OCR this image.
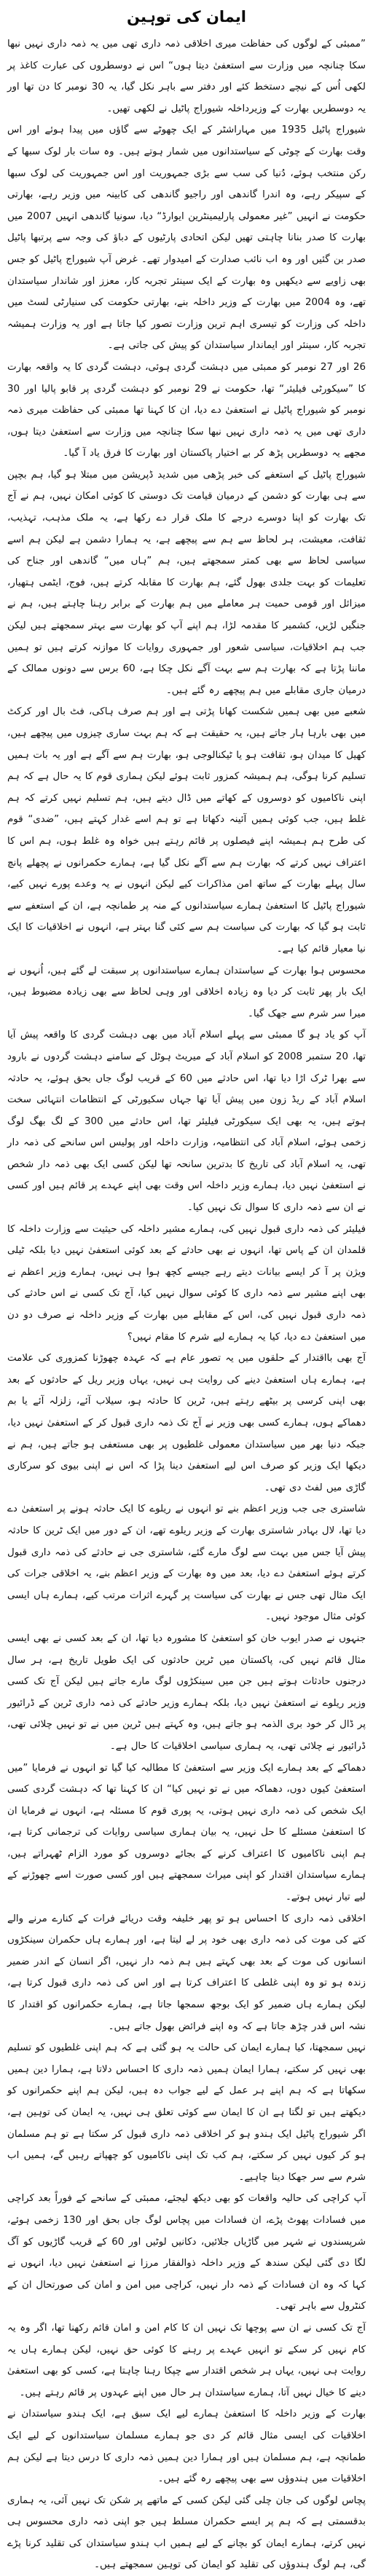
ایمان کی توہین

”ممبئی کے لوگوں کی حفاظت میری اخلاقی ذمہ داری تھی میں یہ ذمہ داری نہیں نبھا سکا چنانچہ میں وزارت سے استعفیٰ دیتا ہوں“ اس نے دوسطروں کی عبارت کاغذ پر لکھی اُس کے نیچے دستخط کئے اور دفتر سے باہر نکل گیا، یہ 30 نومبر کا دن تھا اور یہ دوسطریں بھارت کے وزیرداخلہ شیوراج پاٹیل نے لکھی تھیں۔

شیوراج پاٹیل 1935 میں مہاراشٹر کے ایک چھوٹے سے گاؤں میں پیدا ہوئے اور اس وقت بھارت کے چوٹی کے سیاستدانوں میں شمار ہوتے ہیں۔ وہ سات بار لوک سبھا کے رکن منتخب ہوئے، دُنیا کی سب سے بڑی جمہوریت اور اس جمہوریت کی لوک سبھا کے سپیکر رہے، وہ اندرا گاندھی اور راجیو گاندھی کی کابینہ میں وزیر رہے، بھارتی حکومت نے انہیں ”غیر معمولی پارلیمینٹرین ایوارڈ“ دیا، سونیا گاندھی انہیں 2007 میں بھارت کا صدر بنانا چاہتی تھیں لیکن اتحادی پارٹیوں کے دباؤ کی وجہ سے پرتبھا پاٹیل صدر بن گئیں اور وہ اب نائب صدارت کے امیدوار تھے۔ غرض آپ شیوراج پاٹیل کو جس بھی زاویے سے دیکھیں وہ بھارت کے ایک سینئر تجربہ کار، معزز اور شاندار سیاستدان تھے، وہ 2004 میں بھارت کے وزیر داخلہ بنے، بھارتی حکومت کی سنیارٹی لسٹ میں داخلہ کی وزارت کو تیسری اہم ترین وزارت تصور کیا جاتا ہے اور یہ وزارت ہمیشہ تجربہ کار، سینئر اور ایماندار سیاستدان کو پیش کی جاتی ہے۔

26 اور 27 نومبر کو ممبئی میں دہشت گردی ہوئی، دہشت گردی کا یہ واقعہ بھارت کا ”سیکورٹی فیلیئر“ تھا، حکومت نے 29 نومبر کو دہشت گردی پر قابو پالیا اور 30 نومبر کو شیوراج پاٹیل نے استعفیٰ دے دیا، ان کا کہنا تھا ممبئی کی حفاظت میری ذمہ داری تھی میں یہ ذمہ داری نہیں نبھا سکا چنانچہ میں وزارت سے استعفیٰ دیتا ہوں، مجھے یہ دوسطریں پڑھ کر بے اختیار پاکستان اور بھارت کا فرق یاد آ گیا۔

شیوراج پاٹیل کے استعفے کی خبر پڑھی میں شدید ڈپریشن میں مبتلا ہو گیا، ہم بچپن سے ہی بھارت کو دشمن کے درمیان قیامت تک دوستی کا کوئی امکان نہیں، ہم نے آج تک بھارت کو اپنا دوسرے درجے کا ملک قرار دے رکھا ہے، یہ ملک مذہب، تہذیب، ثقافت، معیشت، ہر لحاظ سے ہم سے پیچھے ہے، یہ ہمارا دشمن ہے لیکن ہم اسے سیاسی لحاظ سے بھی کمتر سمجھتے ہیں، ہم ”ہاں میں“ گاندھی اور جناح کی تعلیمات کو بہت جلدی بھول گئے، ہم بھارت کا مقابلہ کرتے ہیں، فوج، ایٹمی ہتھیار، میزائل اور قومی حمیت ہر معاملے میں ہم بھارت کے برابر رہنا چاہتے ہیں، ہم نے جنگیں لڑیں، کشمیر کا مقدمہ لڑا، ہم اپنے آپ کو بھارت سے بہتر سمجھتے ہیں لیکن جب ہم اخلاقیات، سیاسی شعور اور جمہوری روایات کا موازنہ کرتے ہیں تو ہمیں ماننا پڑتا ہے کہ بھارت ہم سے بہت آگے نکل چکا ہے، 60 برس سے دونوں ممالک کے درمیان جاری مقابلے میں ہم پیچھے رہ گئے ہیں۔

شعبے میں بھی ہمیں شکست کھانا پڑتی ہے اور ہم صرف ہاکی، فٹ بال اور کرکٹ میں بھی بارہا ہار جاتے ہیں، یہ حقیقت ہے کہ ہم بہت ساری چیزوں میں پیچھے ہیں، کھیل کا میدان ہو، ثقافت ہو یا ٹیکنالوجی ہو، بھارت ہم سے آگے ہے اور یہ بات ہمیں تسلیم کرنا ہوگی، ہم ہمیشہ کمزور ثابت ہوئے لیکن ہماری قوم کا یہ حال ہے کہ ہم اپنی ناکامیوں کو دوسروں کے کھاتے میں ڈال دیتے ہیں، ہم تسلیم نہیں کرتے کہ ہم غلط ہیں، جب کوئی ہمیں آئینہ دکھاتا ہے تو ہم اسے غدار کہتے ہیں، ”ضدی“ قوم کی طرح ہم ہمیشہ اپنے فیصلوں پر قائم رہتے ہیں خواہ وہ غلط ہوں، ہم اس کا اعتراف نہیں کرتے کہ بھارت ہم سے آگے نکل گیا ہے، ہمارے حکمرانوں نے پچھلے پانچ سال پہلے بھارت کے ساتھ امن مذاکرات کیے لیکن انہوں نے یہ وعدے پورے نہیں کیے، شیوراج پاٹیل کا استعفیٰ ہمارے سیاستدانوں کے منہ پر طمانچہ ہے، ان کے استعفے سے ثابت ہو گیا کہ بھارت کی سیاست ہم سے کئی گنا بہتر ہے، انہوں نے اخلاقیات کا ایک نیا معیار قائم کیا ہے۔

محسوس ہوا بھارت کے سیاستدان ہمارے سیاستدانوں پر سبقت لے گئے ہیں، اُنہوں نے ایک بار پھر ثابت کر دیا وہ زیادہ اخلاقی اور وہی لحاظ سے بھی زیادہ مضبوط ہیں، میرا سر شرم سے جھک گیا۔

آپ کو یاد ہو گا ممبئی سے پہلے اسلام آباد میں بھی دہشت گردی کا واقعہ پیش آیا تھا، 20 ستمبر 2008 کو اسلام آباد کے میریٹ ہوٹل کے سامنے دہشت گردوں نے بارود سے بھرا ٹرک اڑا دیا تھا، اس حادثے میں 60 کے قریب لوگ جاں بحق ہوئے، یہ حادثہ اسلام آباد کے ریڈ زون میں پیش آیا تھا جہاں سکیورٹی کے انتظامات انتہائی سخت ہوتے ہیں، یہ بھی ایک سیکورٹی فیلیئر تھا، اس حادثے میں 300 کے لگ بھگ لوگ زخمی ہوئے، اسلام آباد کی انتظامیہ، وزارت داخلہ اور پولیس اس سانحے کی ذمہ دار تھی، یہ اسلام آباد کی تاریخ کا بدترین سانحہ تھا لیکن کسی ایک بھی ذمہ دار شخص نے استعفیٰ نہیں دیا، ہمارے وزیر داخلہ اس وقت بھی اپنے عہدے پر قائم ہیں اور کسی نے ان سے ذمہ داری کا سوال تک نہیں کیا۔

فیلیئر کی ذمہ داری قبول نہیں کی، ہمارے مشیر داخلہ کی حیثیت سے وزارت داخلہ کا قلمدان ان کے پاس تھا، انہوں نے بھی حادثے کے بعد کوئی استعفیٰ نہیں دیا بلکہ ٹیلی ویژن پر آ کر ایسے بیانات دیتے رہے جیسے کچھ ہوا ہی نہیں، ہمارے وزیر اعظم نے بھی اپنے مشیر سے ذمہ داری کا کوئی سوال نہیں کیا، آج تک کسی نے اس حادثے کی ذمہ داری قبول نہیں کی، اس کے مقابلے میں بھارت کے وزیر داخلہ نے صرف دو دن میں استعفیٰ دے دیا، کیا یہ ہمارے لیے شرم کا مقام نہیں؟

آج بھی بااقتدار کے حلقوں میں یہ تصور عام ہے کہ عہدہ چھوڑنا کمزوری کی علامت ہے، ہمارے ہاں استعفیٰ دینے کی روایت ہی نہیں، یہاں وزیر ریل کے حادثوں کے بعد بھی اپنی کرسی پر بیٹھے رہتے ہیں، ٹرین کا حادثہ ہو، سیلاب آئے، زلزلہ آئے یا بم دھماکے ہوں، ہمارے کسی بھی وزیر نے آج تک ذمہ داری قبول کر کے استعفیٰ نہیں دیا، جبکہ دنیا بھر میں سیاستدان معمولی غلطیوں پر بھی مستعفی ہو جاتے ہیں، ہم نے دیکھا ایک وزیر کو صرف اس لیے استعفیٰ دینا پڑا کہ اس نے اپنی بیوی کو سرکاری گاڑی میں لفٹ دی تھی۔

شاستری جی جب وزیر اعظم بنے تو انہوں نے ریلوے کا ایک حادثہ ہونے پر استعفیٰ دے دیا تھا، لال بہادر شاستری بھارت کے وزیر ریلوے تھے، ان کے دور میں ایک ٹرین کا حادثہ پیش آیا جس میں بہت سے لوگ مارے گئے، شاستری جی نے حادثے کی ذمہ داری قبول کرتے ہوئے استعفیٰ دے دیا، بعد میں وہ بھارت کے وزیر اعظم بنے، یہ اخلاقی جرات کی ایک مثال تھی جس نے بھارت کی سیاست پر گہرے اثرات مرتب کیے، ہمارے ہاں ایسی کوئی مثال موجود نہیں۔

جنہوں نے صدر ایوب خان کو استعفیٰ کا مشورہ دیا تھا، ان کے بعد کسی نے بھی ایسی مثال قائم نہیں کی، پاکستان میں ٹرین حادثوں کی ایک طویل تاریخ ہے، ہر سال درجنوں حادثات ہوتے ہیں جن میں سینکڑوں لوگ مارے جاتے ہیں لیکن آج تک کسی وزیر ریلوے نے استعفیٰ نہیں دیا، بلکہ ہمارے وزیر حادثے کی ذمہ داری ٹرین کے ڈرائیور پر ڈال کر خود بری الذمہ ہو جاتے ہیں، وہ کہتے ہیں ٹرین میں نے تو نہیں چلائی تھی، ڈرائیور نے چلائی تھی، یہ ہماری سیاسی اخلاقیات کا حال ہے۔

دھماکے کے بعد ہمارے ایک وزیر سے استعفیٰ کا مطالبہ کیا گیا تو انہوں نے فرمایا ”میں استعفیٰ کیوں دوں، دھماکہ میں نے تو نہیں کیا“ ان کا کہنا تھا کہ دہشت گردی کسی ایک شخص کی ذمہ داری نہیں ہوتی، یہ پوری قوم کا مسئلہ ہے، انہوں نے فرمایا ان کا استعفیٰ مسئلے کا حل نہیں، یہ بیان ہماری سیاسی روایات کی ترجمانی کرتا ہے، ہم اپنی ناکامیوں کا اعتراف کرنے کے بجائے دوسروں کو مورد الزام ٹھہراتے ہیں، ہمارے سیاستدان اقتدار کو اپنی میراث سمجھتے ہیں اور کسی صورت اسے چھوڑنے کے لیے تیار نہیں ہوتے۔

اخلاقی ذمہ داری کا احساس ہو تو پھر خلیفہ وقت دریائے فرات کے کنارے مرنے والے کتے کی موت کی ذمہ داری بھی خود پر لے لیتا ہے، اور ہمارے ہاں حکمران سینکڑوں انسانوں کی موت کے بعد بھی کہتے ہیں ہم ذمہ دار نہیں، اگر انسان کے اندر ضمیر زندہ ہو تو وہ اپنی غلطی کا اعتراف کرتا ہے اور اس کی ذمہ داری قبول کرتا ہے، لیکن ہمارے ہاں ضمیر کو ایک بوجھ سمجھا جاتا ہے، ہمارے حکمرانوں کو اقتدار کا نشہ اس قدر چڑھ جاتا ہے کہ وہ اپنے فرائض بھول جاتے ہیں۔

نہیں سمجھتا، کیا ہمارے ایمان کی حالت یہ ہو گئی ہے کہ ہم اپنی غلطیوں کو تسلیم بھی نہیں کر سکتے، ہمارا ایمان ہمیں ذمہ داری کا احساس دلاتا ہے، ہمارا دین ہمیں سکھاتا ہے کہ ہم اپنے ہر عمل کے لیے جواب دہ ہیں، لیکن ہم اپنے حکمرانوں کو دیکھتے ہیں تو لگتا ہے ان کا ایمان سے کوئی تعلق ہی نہیں، یہ ایمان کی توہین ہے، اگر شیوراج پاٹیل ایک ہندو ہو کر اخلاقی ذمہ داری قبول کر سکتا ہے تو ہم مسلمان ہو کر کیوں نہیں کر سکتے، ہم کب تک اپنی ناکامیوں کو چھپاتے رہیں گے، ہمیں اب شرم سے سر جھکا دینا چاہیے۔

آپ کراچی کی حالیہ واقعات کو بھی دیکھ لیجئے، ممبئی کے سانحے کے فوراً بعد کراچی میں فسادات پھوٹ پڑے، ان فسادات میں پچاس لوگ جاں بحق اور 130 زخمی ہوئے، شرپسندوں نے شہر میں گاڑیاں جلائیں، دکانیں لوٹیں اور 60 کے قریب گاڑیوں کو آگ لگا دی گئی لیکن سندھ کے وزیر داخلہ ذوالفقار مرزا نے استعفیٰ نہیں دیا، انہوں نے کہا کہ وہ ان فسادات کے ذمہ دار نہیں، کراچی میں امن و امان کی صورتحال ان کے کنٹرول سے باہر تھی۔

آج تک کسی نے ان سے پوچھا تک نہیں ان کا کام امن و امان قائم رکھنا تھا، اگر وہ یہ کام نہیں کر سکے تو انہیں عہدے پر رہنے کا کوئی حق نہیں، لیکن ہمارے ہاں یہ روایت ہی نہیں، یہاں ہر شخص اقتدار سے چپکا رہنا چاہتا ہے، کسی کو بھی استعفیٰ دینے کا خیال نہیں آتا، ہمارے سیاستدان ہر حال میں اپنے عہدوں پر قائم رہتے ہیں۔

بھارت کے وزیر داخلہ کا استعفیٰ ہمارے لیے ایک سبق ہے، ایک ہندو سیاستدان نے اخلاقیات کی ایسی مثال قائم کر دی جو ہمارے مسلمان سیاستدانوں کے لیے ایک طمانچہ ہے، ہم مسلمان ہیں اور ہمارا دین ہمیں ذمہ داری کا درس دیتا ہے لیکن ہم اخلاقیات میں ہندوؤں سے بھی پیچھے رہ گئے ہیں۔

پچاس لوگوں کی جان چلی گئی لیکن کسی کے ماتھے پر شکن تک نہیں آئی، یہ ہماری بدقسمتی ہے کہ ہم پر ایسے حکمران مسلط ہیں جو اپنی ذمہ داری محسوس ہی نہیں کرتے، ہمارے ایمان کو بچانے کے لیے ہمیں اب ہندو سیاستدان کی تقلید کرنا پڑے گی، ہم لوگ ہندوؤں کی تقلید کو ایمان کی توہین سمجھتے ہیں۔
